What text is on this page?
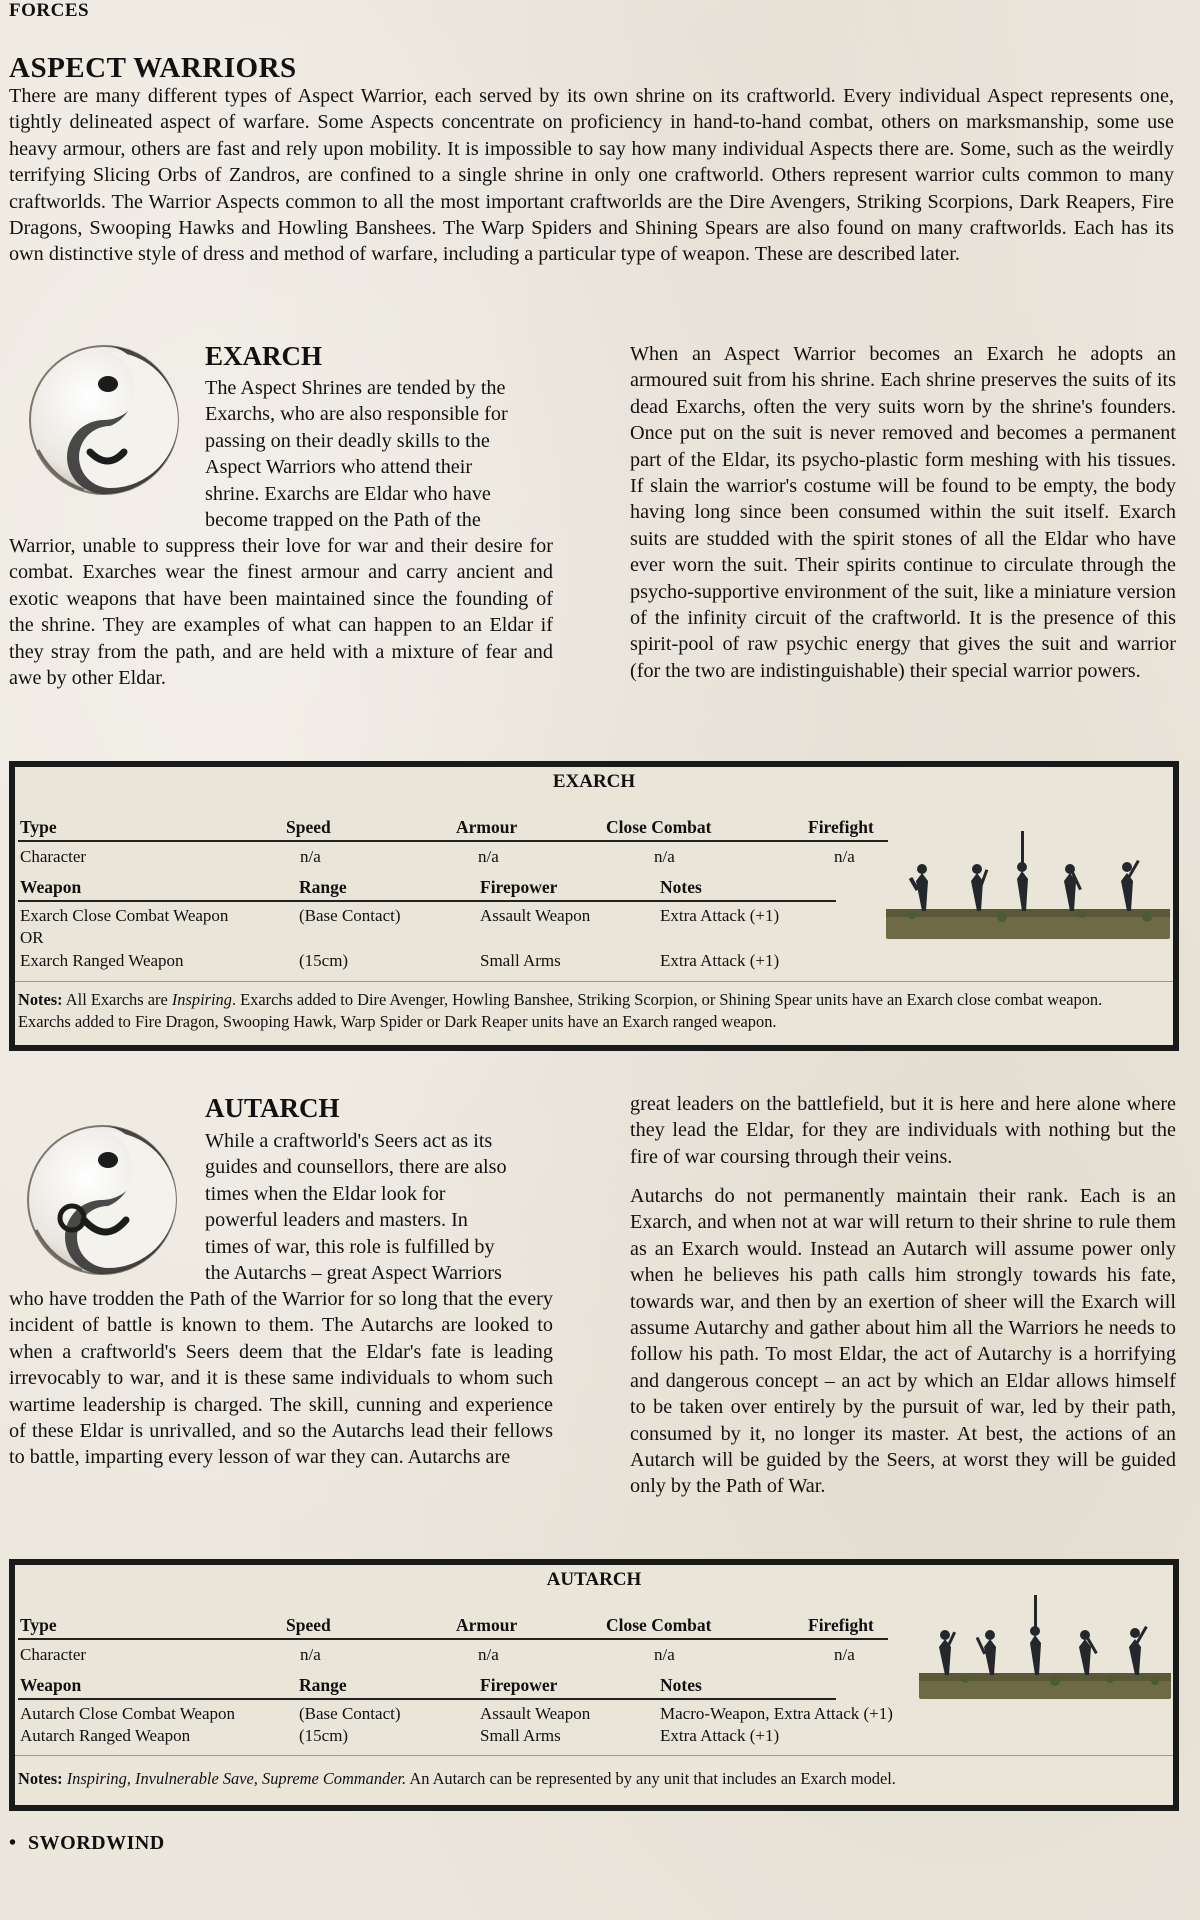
FORCES
ASPECT WARRIORS
There are many different types of Aspect Warrior, each served by its own shrine on its craftworld. Every individual Aspect represents one, tightly delineated aspect of warfare. Some Aspects concentrate on proficiency in hand-to-hand combat, others on marksmanship, some use heavy armour, others are fast and rely upon mobility. It is impossible to say how many individual Aspects there are. Some, such as the weirdly terrifying Slicing Orbs of Zandros, are confined to a single shrine in only one craftworld. Others represent warrior cults common to many craftworlds. The Warrior Aspects common to all the most important craftworlds are the Dire Avengers, Striking Scorpions, Dark Reapers, Fire Dragons, Swooping Hawks and Howling Banshees. The Warp Spiders and Shining Spears are also found on many craftworlds. Each has its own distinctive style of dress and method of warfare, including a particular type of weapon. These are described later.
EXARCH
The Aspect Shrines are tended by the
Exarchs, who are also responsible for
passing on their deadly skills to the
Aspect Warriors who attend their
shrine. Exarchs are Eldar who have
become trapped on the Path of the
Warrior, unable to suppress their love for war and their desire for combat. Exarches wear the finest armour and carry ancient and exotic weapons that have been maintained since the founding of the shrine. They are examples of what can happen to an Eldar if they stray from the path, and are held with a mixture of fear and awe by other Eldar.
When an Aspect Warrior becomes an Exarch he adopts an armoured suit from his shrine. Each shrine preserves the suits of its dead Exarchs, often the very suits worn by the shrine's founders. Once put on the suit is never removed and becomes a permanent part of the Eldar, its psycho-plastic form meshing with his tissues. If slain the warrior's costume will be found to be empty, the body having long since been consumed within the suit itself. Exarch suits are studded with the spirit stones of all the Eldar who have ever worn the suit. Their spirits continue to circulate through the psycho-supportive environment of the suit, like a miniature version of the infinity circuit of the craftworld. It is the presence of this spirit-pool of raw psychic energy that gives the suit and warrior (for the two are indistinguishable) their special warrior powers.
EXARCH
Type	Speed	Armour	Close Combat	Firefight
Character	n/a	n/a	n/a	n/a
Weapon	Range	Firepower	Notes
Exarch Close Combat Weapon	(Base Contact)	Assault Weapon	Extra Attack (+1)
OR
Exarch Ranged Weapon	(15cm)	Small Arms	Extra Attack (+1)
Notes: All Exarchs are Inspiring. Exarchs added to Dire Avenger, Howling Banshee, Striking Scorpion, or Shining Spear units have an Exarch close combat weapon. Exarchs added to Fire Dragon, Swooping Hawk, Warp Spider or Dark Reaper units have an Exarch ranged weapon.
AUTARCH
While a craftworld's Seers act as its
guides and counsellors, there are also
times when the Eldar look for
powerful leaders and masters. In
times of war, this role is fulfilled by
the Autarchs – great Aspect Warriors
who have trodden the Path of the Warrior for so long that the every incident of battle is known to them. The Autarchs are looked to when a craftworld's Seers deem that the Eldar's fate is leading irrevocably to war, and it is these same individuals to whom such wartime leadership is charged. The skill, cunning and experience of these Eldar is unrivalled, and so the Autarchs lead their fellows to battle, imparting every lesson of war they can. Autarchs are
great leaders on the battlefield, but it is here and here alone where they lead the Eldar, for they are individuals with nothing but the fire of war coursing through their veins.
Autarchs do not permanently maintain their rank. Each is an Exarch, and when not at war will return to their shrine to rule them as an Exarch would. Instead an Autarch will assume power only when he believes his path calls him strongly towards his fate, towards war, and then by an exertion of sheer will the Exarch will assume Autarchy and gather about him all the Warriors he needs to follow his path. To most Eldar, the act of Autarchy is a horrifying and dangerous concept – an act by which an Eldar allows himself to be taken over entirely by the pursuit of war, led by their path, consumed by it, no longer its master. At best, the actions of an Autarch will be guided by the Seers, at worst they will be guided only by the Path of War.
AUTARCH
Type	Speed	Armour	Close Combat	Firefight
Character	n/a	n/a	n/a	n/a
Weapon	Range	Firepower	Notes
Autarch Close Combat Weapon	(Base Contact)	Assault Weapon	Macro-Weapon, Extra Attack (+1)
Autarch Ranged Weapon	(15cm)	Small Arms	Extra Attack (+1)
Notes: Inspiring, Invulnerable Save, Supreme Commander. An Autarch can be represented by any unit that includes an Exarch model.
• SWORDWIND
